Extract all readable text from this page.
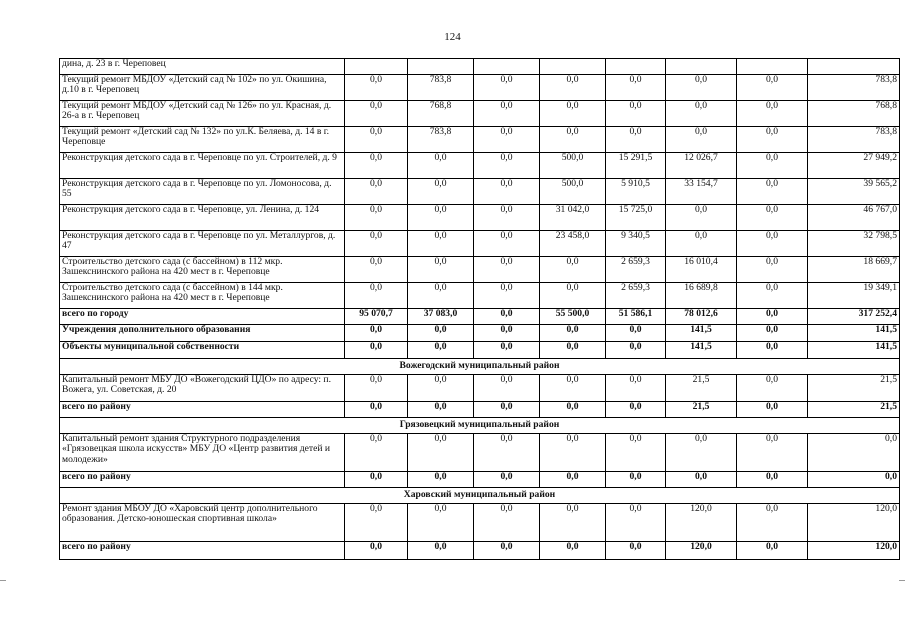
124
дина, д. 23 в г. Череповец								
Текущий ремонт МБДОУ «Детский сад № 102» по ул. Окишина, д.10 в г. Череповец	0,0	783,8	0,0	0,0	0,0	0,0	0,0	783,8
Текущий ремонт МБДОУ «Детский сад № 126» по ул. Красная, д. 26-а в г. Череповец	0,0	768,8	0,0	0,0	0,0	0,0	0,0	768,8
Текущий ремонт «Детский сад № 132» по ул.К. Беляева, д. 14 в г. Череповце	0,0	783,8	0,0	0,0	0,0	0,0	0,0	783,8
Реконструкция детского сада в г. Череповце по ул. Строителей, д. 9	0,0	0,0	0,0	500,0	15 291,5	12 026,7	0,0	27 949,2
Реконструкция детского сада в г. Череповце по ул. Ломоносова, д. 55	0,0	0,0	0,0	500,0	5 910,5	33 154,7	0,0	39 565,2
Реконструкция детского сада в г. Череповце, ул. Ленина, д. 124	0,0	0,0	0,0	31 042,0	15 725,0	0,0	0,0	46 767,0
Реконструкция детского сада в г. Череповце по ул. Металлургов, д. 47	0,0	0,0	0,0	23 458,0	9 340,5	0,0	0,0	32 798,5
Строительство детского сада (с бассейном) в 112 мкр. Зашекснинского района на 420 мест в г. Череповце	0,0	0,0	0,0	0,0	2 659,3	16 010,4	0,0	18 669,7
Строительство детского сада (с бассейном) в 144 мкр. Зашекснинского района на 420 мест в г. Череповце	0,0	0,0	0,0	0,0	2 659,3	16 689,8	0,0	19 349,1
всего по городу	95 070,7	37 083,0	0,0	55 500,0	51 586,1	78 012,6	0,0	317 252,4
Учреждения дополнительного образования	0,0	0,0	0,0	0,0	0,0	141,5	0,0	141,5
Объекты муниципальной собственности	0,0	0,0	0,0	0,0	0,0	141,5	0,0	141,5
Вожегодский муниципальный район								
Капитальный ремонт МБУ ДО «Вожегодский ЦДО» по адресу: п. Вожега, ул. Советская, д. 20	0,0	0,0	0,0	0,0	0,0	21,5	0,0	21,5
всего по району	0,0	0,0	0,0	0,0	0,0	21,5	0,0	21,5
Грязовецкий муниципальный район								
Капитальный ремонт здания Структурного подразделения «Грязовецкая школа искусств» МБУ ДО «Центр развития детей и молодежи»	0,0	0,0	0,0	0,0	0,0	0,0	0,0	0,0
всего по району	0,0	0,0	0,0	0,0	0,0	0,0	0,0	0,0
Харовский муниципальный район								
Ремонт здания МБОУ ДО «Харовский центр дополнительного образования. Детско-юношеская спортивная школа»	0,0	0,0	0,0	0,0	0,0	120,0	0,0	120,0
всего по району	0,0	0,0	0,0	0,0	0,0	120,0	0,0	120,0
